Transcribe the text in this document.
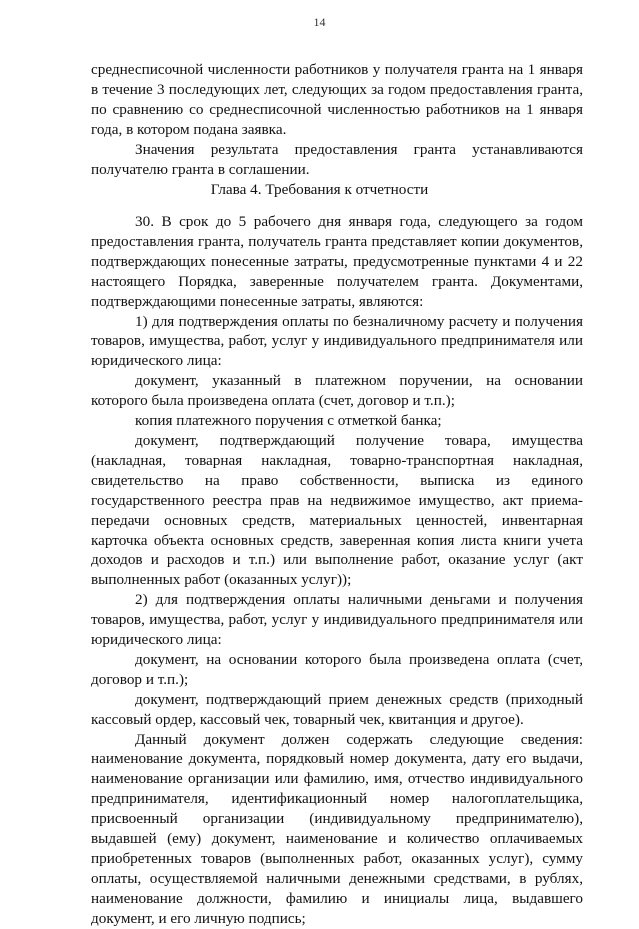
14

среднесписочной численности работников у получателя гранта на 1 января в течение 3 последующих лет, следующих за годом предоставления гранта, по сравнению со среднесписочной численностью работников на 1 января года, в котором подана заявка.

Значения результата предоставления гранта устанавливаются получателю гранта в соглашении.

Глава 4. Требования к отчетности

30. В срок до 5 рабочего дня января года, следующего за годом предоставления гранта, получатель гранта представляет копии документов, подтверждающих понесенные затраты, предусмотренные пунктами 4 и 22 настоящего Порядка, заверенные получателем гранта. Документами, подтверждающими понесенные затраты, являются:

1) для подтверждения оплаты по безналичному расчету и получения товаров, имущества, работ, услуг у индивидуального предпринимателя или юридического лица:

документ, указанный в платежном поручении, на основании которого была произведена оплата (счет, договор и т.п.);

копия платежного поручения с отметкой банка;

документ, подтверждающий получение товара, имущества (накладная, товарная накладная, товарно-транспортная накладная, свидетельство на право собственности, выписка из единого государственного реестра прав на недвижимое имущество, акт приема-передачи основных средств, материальных ценностей, инвентарная карточка объекта основных средств, заверенная копия листа книги учета доходов и расходов и т.п.) или выполнение работ, оказание услуг (акт выполненных работ (оказанных услуг));

2) для подтверждения оплаты наличными деньгами и получения товаров, имущества, работ, услуг у индивидуального предпринимателя или юридического лица:

документ, на основании которого была произведена оплата (счет, договор и т.п.);

документ, подтверждающий прием денежных средств (приходный кассовый ордер, кассовый чек, товарный чек, квитанция и другое).

Данный документ должен содержать следующие сведения: наименование документа, порядковый номер документа, дату его выдачи, наименование организации или фамилию, имя, отчество индивидуального предпринимателя, идентификационный номер налогоплательщика, присвоенный организации (индивидуальному предпринимателю), выдавшей (ему) документ, наименование и количество оплачиваемых приобретенных товаров (выполненных работ, оказанных услуг), сумму оплаты, осуществляемой наличными денежными средствами, в рублях, наименование должности, фамилию и инициалы лица, выдавшего документ, и его личную подпись;
